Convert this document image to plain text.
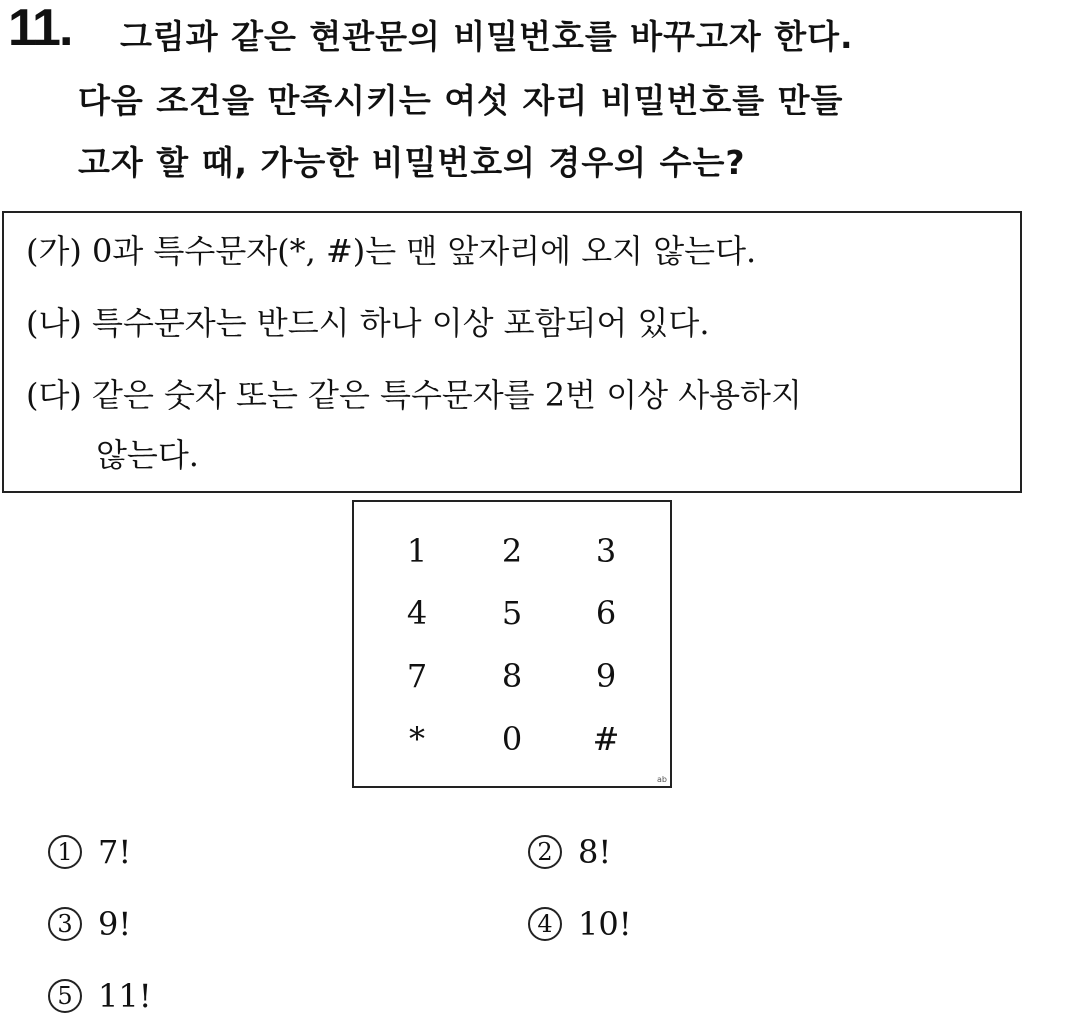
11. 그림과 같은 현관문의 비밀번호를 바꾸고자 한다.
다음 조건을 만족시키는 여섯 자리 비밀번호를 만들
고자 할 때, 가능한 비밀번호의 경우의 수는?
(가) 0과 특수문자(*, #)는 맨 앞자리에 오지 않는다.
(나) 특수문자는 반드시 하나 이상 포함되어 있다.
(다) 같은 숫자 또는 같은 특수문자를 2번 이상 사용하지
않는다.
1	2	3
4	5	6
7	8	9
*	0	#
ab
1 7!	2 8!
3 9!	4 10!
5 11!
